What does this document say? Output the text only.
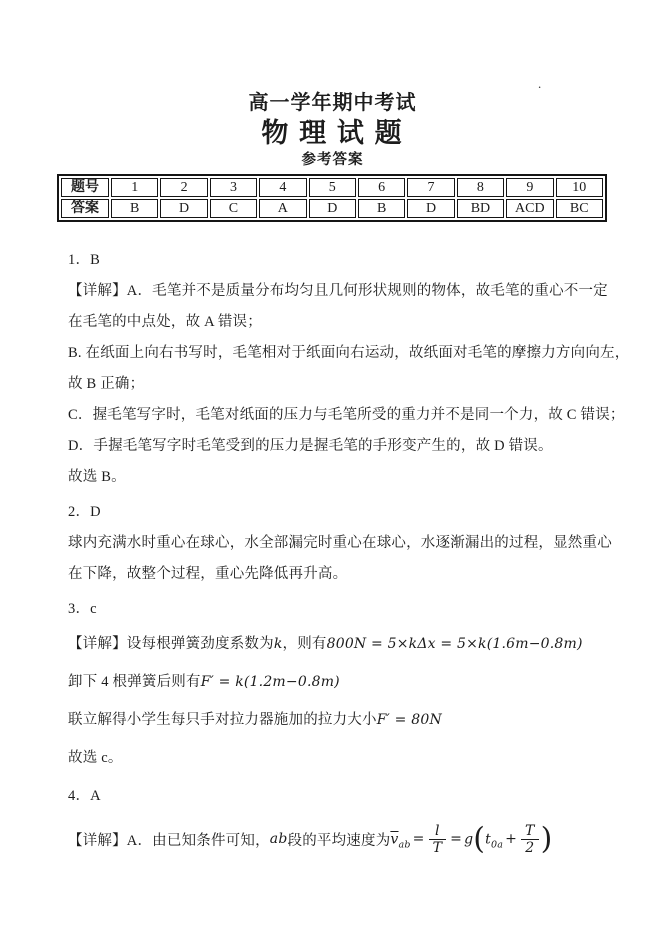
.
高一学年期中考试
物 理 试 题
参考答案
题号	1	2	3	4	5	6	7	8	9	10
答案	B	D	C	A	D	B	D	BD	ACD	BC
1．B
【详解】A．毛笔并不是质量分布均匀且几何形状规则的物体，故毛笔的重心不一定
在毛笔的中点处，故 A 错误；
B. 在纸面上向右书写时，毛笔相对于纸面向右运动，故纸面对毛笔的摩擦力方向向左，
故 B 正确；
C．握毛笔写字时，毛笔对纸面的压力与毛笔所受的重力并不是同一个力，故 C 错误；
D．手握毛笔写字时毛笔受到的压力是握毛笔的手形变产生的，故 D 错误。
故选 B。
2．D
球内充满水时重心在球心，水全部漏完时重心在球心，水逐渐漏出的过程，显然重心
在下降，故整个过程，重心先降低再升高。
3．c
【详解】设每根弹簧劲度系数为k，则有800N = 5×kΔx = 5×k(1.6m−0.8m)
卸下 4 根弹簧后则有F′ = k(1.2m−0.8m)
联立解得小学生每只手对拉力器施加的拉力大小F′ = 80N
故选 c。
4．A
【详解】A．由已知条件可知， ab 段的平均速度为 $\overline{v}_{ab} = \frac{l}{T} = g(t_{0a} + \frac{T}{2}$ )
